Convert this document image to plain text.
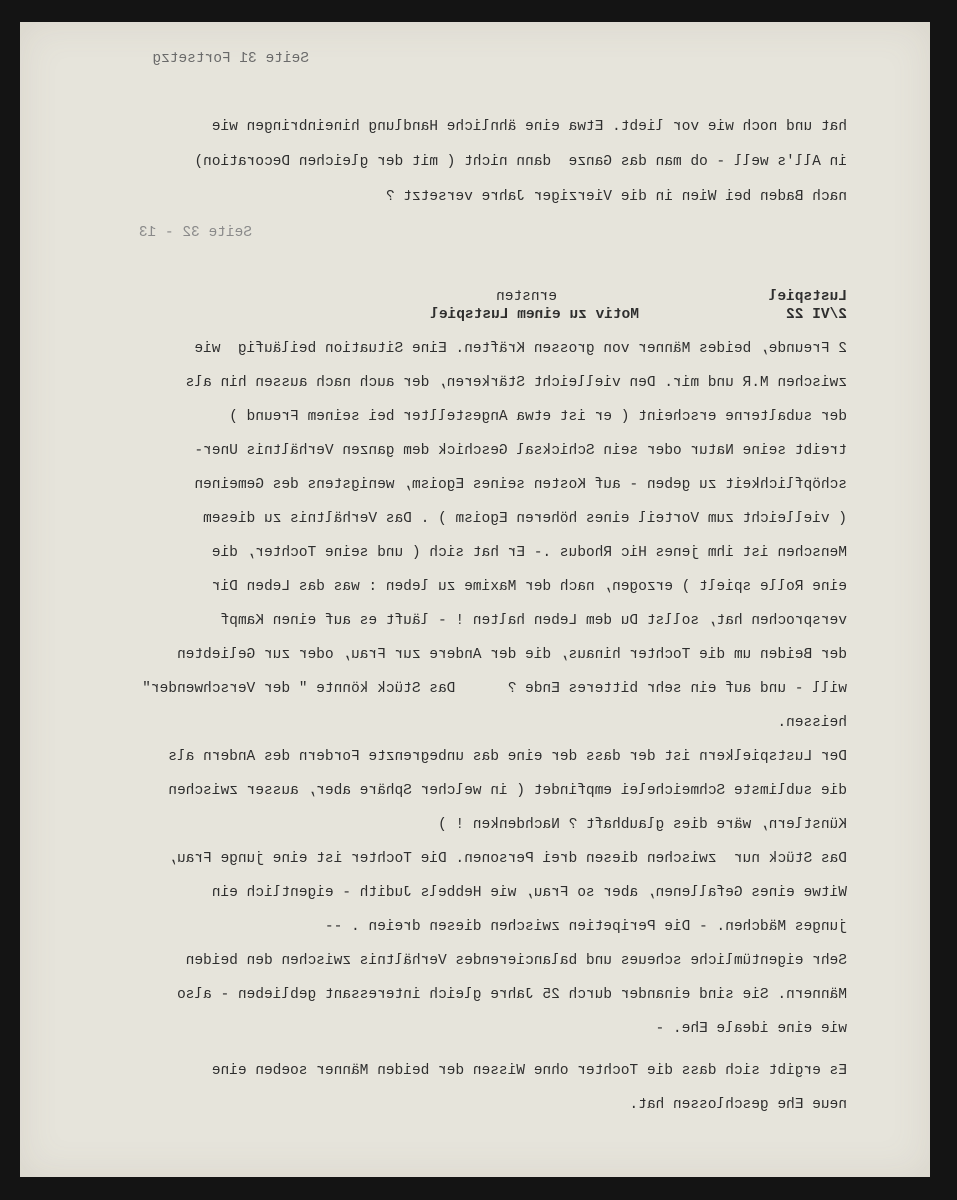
Seite 31 Fortsetzg
hat und noch wie vor liebt. Etwa eine ähnliche Handlung hineinbringen wie
in All's well - ob man das Ganze  dann nicht ( mit der gleichen Decoration)
nach Baden bei Wien in die Vierziger Jahre versetzt ?
Seite 32 - 13
Lustspiel
2/VI 22
ernsten
Motiv zu einem Lustspiel
2 Freunde, beides Männer von grossen Kräften. Eine Situation beiläufig  wie
zwischen M.R und mir. Den vielleicht Stärkeren, der auch nach aussen hin als
der subalterne erscheint ( er ist etwa Angestellter bei seinem Freund )
treibt seine Natur oder sein Schicksal Geschick dem ganzen Verhältnis Uner-
schöpflichkeit zu geben - auf Kosten seines Egoism, wenigstens des Gemeinen
( vielleicht zum Vorteil eines höheren Egoism ) . Das Verhältnis zu diesem
Menschen ist ihm jenes Hic Rhodus .- Er hat sich ( und seine Tochter, die
eine Rolle spielt ) erzogen, nach der Maxime zu leben : was das Leben Dir
versprochen hat, sollst Du dem Leben halten ! - läuft es auf einen Kampf
der Beiden um die Tochter hinaus, die der Andere zur Frau, oder zur Geliebten
will - und auf ein sehr bitteres Ende ?      Das Stück könnte " der Verschwender"
heissen.
Der Lustspielkern ist der dass der eine das unbegrenzte Fordern des Andern als
die sublimste Schmeichelei empfindet ( in welcher Sphäre aber, ausser zwischen
Künstlern, wäre dies glaubhaft ? Nachdenken ! )
Das Stück nur  zwischen diesen drei Personen. Die Tochter ist eine junge Frau,
Witwe eines Gefallenen, aber so Frau, wie Hebbels Judith - eigentlich ein
junges Mädchen. - Die Peripetien zwischen diesen dreien . --
Sehr eigentümliche scheues und balancierendes Verhältnis zwischen den beiden
Männern. Sie sind einander durch 25 Jahre gleich interessant geblieben - also
wie eine ideale Ehe. -
Es ergibt sich dass die Tochter ohne Wissen der beiden Männer soeben eine
neue Ehe geschlossen hat.
